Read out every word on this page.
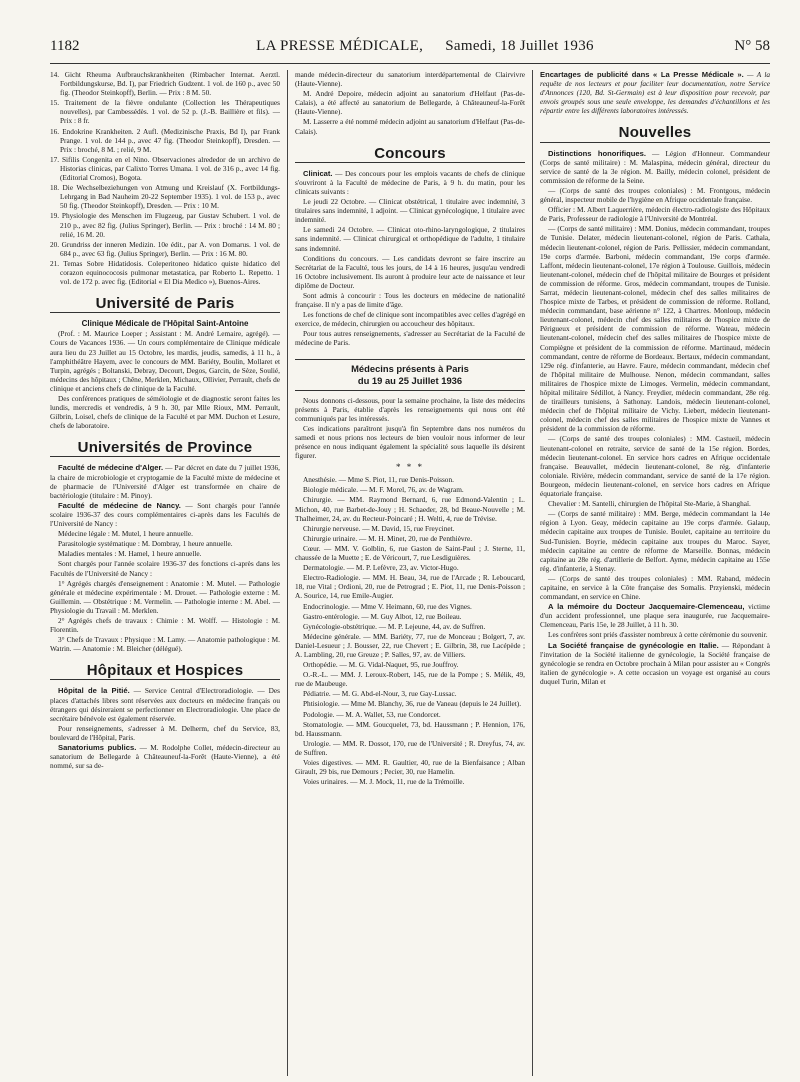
1182	LA PRESSE MÉDICALE, Samedi, 18 Juillet 1936	N° 58

14. Gicht Rheuma Aufbrauchskrankheiten (Rimbacher Internat. Aerztl. Fortbildungskurse, Bd. I), par Friedrich Gudzent. 1 vol. de 160 p., avec 50 fig. (Theodor Steinkopff), Berlin. — Prix : 8 M. 50.

15. Traitement de la fièvre ondulante (Collection les Thérapeutiques nouvelles), par Cambessédès. 1 vol. de 52 p. (J.-B. Baillière et fils). — Prix : 8 fr.

16. Endokrine Krankheiten. 2 Aufl. (Medizinische Praxis, Bd I), par Frank Prange. 1 vol. de 144 p., avec 47 fig. (Theodor Steinkopff), Dresden. — Prix : broché, 8 M. ; relié, 9 M.

17. Sifilis Congenita en el Nino. Observaciones alrededor de un archivo de Historias clinicas, par Calixto Torres Umana. 1 vol. de 316 p., avec 14 fig. (Editorial Cromos), Bogota.

18. Die Wechselbeziehungen von Atmung und Kreislauf (X. Fortbildungs-Lehrgang in Bad Nauheim 20-22 September 1935). 1 vol. de 153 p., avec 50 fig. (Theodor Steinkopff), Dresden. — Prix : 10 M.

19. Physiologie des Menschen im Flugzeug, par Gustav Schubert. 1 vol. de 210 p., avec 82 fig. (Julius Springer), Berlin. — Prix : broché : 14 M. 80 ; relié, 16 M. 20.

20. Grundriss der inneren Medizin. 10e édit., par A. von Domarus. 1 vol. de 684 p., avec 63 fig. (Julius Springer), Berlin. — Prix : 16 M. 80.

21. Temas Sobre Hidatidosis. Coleperitoneo hidatico quiste hidatico del corazon equinococosis pulmonar metastatica, par Roberto L. Repetto. 1 vol. de 172 p. avec fig. (Editorial « El Dia Medico »), Buenos-Aires.

Université de Paris

Clinique Médicale de l'Hôpital Saint-Antoine

(Prof. : M. Maurice Loeper ; Assistant : M. André Lemaire, agrégé). — Cours de Vacances 1936. — Un cours complémentaire de Clinique médicale aura lieu du 23 Juillet au 15 Octobre, les mardis, jeudis, samedis, à 11 h., à l'amphithéâtre Hayem, avec le concours de MM. Bariéty, Boulin, Mollaret et Turpin, agrégés ; Boltanski, Debray, Decourt, Degos, Garcin, de Sèze, Soulié, médecins des hôpitaux ; Chêne, Merklen, Michaux, Ollivier, Perrault, chefs de clinique et anciens chefs de clinique de la Faculté.

Des conférences pratiques de séméiologie et de diagnostic seront faites les lundis, mercredis et vendredis, à 9 h. 30, par Mlle Rioux, MM. Perrault, Gilbrin, Loisel, chefs de clinique de la Faculté et par MM. Duchon et Lesure, chefs de laboratoire.

Universités de Province

Faculté de médecine d'Alger. — Par décret en date du 7 juillet 1936, la chaire de microbiologie et cryptogamie de la Faculté mixte de médecine et de pharmacie de l'Université d'Alger est transformée en chaire de bactériologie (titulaire : M. Pinoy).

Faculté de médecine de Nancy. — Sont chargés pour l'année scolaire 1936-37 des cours complémentaires ci-après dans les Facultés de l'Université de Nancy :

Médecine légale : M. Mutel, 1 heure annuelle.

Parasitologie systématique : M. Dombray, 1 heure annuelle.

Maladies mentales : M. Hamel, 1 heure annuelle.

Sont chargés pour l'année scolaire 1936-37 des fonctions ci-après dans les Facultés de l'Université de Nancy :

1° Agrégés chargés d'enseignement : Anatomie : M. Mutel. — Pathologie générale et médecine expérimentale : M. Drouet. — Pathologie externe : M. Guillemin. — Obstétrique : M. Vermelin. — Pathologie interne : M. Abel. — Physiologie du Travail : M. Merklen.

2° Agrégés chefs de travaux : Chimie : M. Wolff. — Histologie : M. Florentin.

3° Chefs de Travaux : Physique : M. Lamy. — Anatomie pathologique : M. Watrin. — Anatomie : M. Bleicher (délégué).

Hôpitaux et Hospices

Hôpital de la Pitié. — Service Central d'Electroradiologie. — Des places d'attachés libres sont réservées aux docteurs en médecine français ou étrangers qui désireraient se perfectionner en Electroradiologie. Une place de secrétaire bénévole est également réservée.

Pour renseignements, s'adresser à M. Delherm, chef du Service, 83, boulevard de l'Hôpital, Paris.

Sanatoriums publics. — M. Rodolphe Collet, médecin-directeur au sanatorium de Bellegarde à Châteauneuf-la-Forêt (Haute-Vienne), a été nommé, sur sa de-

mande médecin-directeur du sanatorium interdépartemental de Clairvivre (Haute-Vienne).

M. André Depoire, médecin adjoint au sanatorium d'Helfaut (Pas-de-Calais), a été affecté au sanatorium de Bellegarde, à Châteauneuf-la-Forêt (Haute-Vienne).

M. Lasserre a été nommé médecin adjoint au sanatorium d'Helfaut (Pas-de-Calais).

Concours

Clinicat. — Des concours pour les emplois vacants de chefs de clinique s'ouvriront à la Faculté de médecine de Paris, à 9 h. du matin, pour les clinicats suivants :

Le jeudi 22 Octobre. — Clinicat obstétrical, 1 titulaire avec indemnité, 3 titulaires sans indemnité, 1 adjoint. — Clinicat gynécologique, 1 titulaire avec indemnité.

Le samedi 24 Octobre. — Clinicat oto-rhino-laryngologique, 2 titulaires sans indemnité. — Clinicat chirurgical et orthopédique de l'adulte, 1 titulaire sans indemnité.

Conditions du concours. — Les candidats devront se faire inscrire au Secrétariat de la Faculté, tous les jours, de 14 à 16 heures, jusqu'au vendredi 16 Octobre inclusivement. Ils auront à produire leur acte de naissance et leur diplôme de Docteur.

Sont admis à concourir : Tous les docteurs en médecine de nationalité française. Il n'y a pas de limite d'âge.

Les fonctions de chef de clinique sont incompatibles avec celles d'agrégé en exercice, de médecin, chirurgien ou accoucheur des hôpitaux.

Pour tous autres renseignements, s'adresser au Secrétariat de la Faculté de médecine de Paris.

Médecins présents à Paris
du 19 au 25 Juillet 1936

Nous donnons ci-dessous, pour la semaine prochaine, la liste des médecins présents à Paris, établie d'après les renseignements qui nous ont été communiqués par les intéressés.

Ces indications paraîtront jusqu'à fin Septembre dans nos numéros du samedi et nous prions nos lecteurs de bien vouloir nous informer de leur présence en nous indiquant également la spécialité sous laquelle ils désirent figurer.

* * *

Anesthésie. — Mme S. Piot, 11, rue Denis-Poisson.

Biologie médicale. — M. F. Morel, 76, av. de Wagram.

Chirurgie. — MM. Raymond Bernard, 6, rue Edmond-Valentin ; L. Michon, 40, rue Barbet-de-Jouy ; H. Schaeder, 28, bd Beaue-Nouvelle ; M. Thalheimer, 24, av. du Recteur-Poincaré ; H. Welti, 4, rue de Trévise.

Chirurgie nerveuse. — M. David, 15, rue Freycinet.

Chirurgie urinaire. — M. H. Minet, 20, rue de Penthièvre.

Cœur. — MM. V. Golblin, 6, rue Gaston de Saint-Paul ; J. Sterne, 11, chaussée de la Muette ; E. de Véricourt, 7, rue Lesdiguières.

Dermatologie. — M. P. Lefèvre, 23, av. Victor-Hugo.

Electro-Radiologie. — MM. H. Beau, 34, rue de l'Arcade ; R. Leboucard, 18, rue Vital ; Ordioni, 20, rue de Petrograd ; E. Piot, 11, rue Denis-Poisson ; A. Sourice, 14, rue Emile-Augier.

Endocrinologie. — Mme V. Heimann, 60, rue des Vignes.

Gastro-entérologie. — M. Guy Albot, 12, rue Boileau.

Gynécologie-obstétrique. — M. P. Lejeune, 44, av. de Suffren.

Médecine générale. — MM. Bariéty, 77, rue de Monceau ; Bolgert, 7, av. Daniel-Lesueur ; J. Bousser, 22, rue Chevert ; E. Gilbrin, 38, rue Lacépède ; A. Lambling, 20, rue Greuze ; P. Salles, 97, av. de Villiers.

Orthopédie. — M. G. Vidal-Naquet, 95, rue Jouffroy.

O.-R.-L. — MM. J. Leroux-Robert, 145, rue de la Pompe ; S. Mélik, 49, rue de Maubeuge.

Pédiatrie. — M. G. Abd-el-Nour, 3, rue Gay-Lussac.

Phtisiologie. — Mme M. Blanchy, 36, rue de Vaneau (depuis le 24 Juillet).

Podologie. — M. A. Wallet, 53, rue Condorcet.

Stomatologie. — MM. Goucquelet, 73, bd. Haussmann ; P. Hennion, 176, bd. Haussmann.

Urologie. — MM. R. Dossot, 170, rue de l'Université ; R. Dreyfus, 74, av. de Suffren.

Voies digestives. — MM. R. Gaultier, 40, rue de la Bienfaisance ; Alban Girault, 29 bis, rue Demours ; Pecier, 30, rue Hamelin.

Voies urinaires. — M. J. Mock, 11, rue de la Trémoille.

Encartages de publicité dans « La Presse Médicale ». — A la requête de nos lecteurs et pour faciliter leur documentation, notre Service d'Annonces (120, Bd. St-Germain) est à leur disposition pour recevoir, par envois groupés sous une seule enveloppe, les demandes d'échantillons et les répartir entre les différents laboratoires intéressés.

Nouvelles

Distinctions honorifiques. — Légion d'Honneur. Commandeur (Corps de santé militaire) : M. Malaspina, médecin général, directeur du service de santé de la 3e région. M. Bailly, médecin colonel, président de commission de réforme de la Seine.

— (Corps de santé des troupes coloniales) : M. Frontgous, médecin général, inspecteur mobile de l'hygiène en Afrique occidentale française.

Officier : M. Albert Laquerrière, médecin électro-radiologiste des Hôpitaux de Paris, Professeur de radiologie à l'Université de Montréal.

— (Corps de santé militaire) : MM. Donius, médecin commandant, troupes de Tunisie. Delater, médecin lieutenant-colonel, région de Paris. Cathala, médecin lieutenant-colonel, région de Paris. Pellissier, médecin commandant, 19e corps d'armée. Barboni, médecin commandant, 19e corps d'armée. Laffont, médecin lieutenant-colonel, 17e région à Toulouse. Guillois, médecin lieutenant-colonel, médecin chef de l'hôpital militaire de Bourges et président de commission de réforme. Gros, médecin commandant, troupes de Tunisie. Sarrat, médecin lieutenant-colonel, médecin chef des salles militaires de l'hospice mixte de Tarbes, et président de commission de réforme. Rolland, médecin commandant, base aérienne n° 122, à Chartres. Monloup, médecin lieutenant-colonel, médecin chef des salles militaires de l'hospice mixte de Périgueux et président de commission de réforme. Wateau, médecin lieutenant-colonel, médecin chef des salles militaires de l'hospice mixte de Compiègne et président de la commission de réforme. Martinaud, médecin commandant, centre de réforme de Bordeaux. Bertaux, médecin commandant, 129e rég. d'infanterie, au Havre. Faure, médecin commandant, médecin chef de l'hôpital militaire de Mulhouse. Nenon, médecin commandant, salles militaires de l'hospice mixte de Limoges. Vermelin, médecin commandant, hôpital militaire Sédillot, à Nancy. Freydier, médecin commandant, 28e rég. de tirailleurs tunisiens, à Sathonay. Landois, médecin lieutenant-colonel, médecin chef de l'hôpital militaire de Vichy. Liebert, médecin lieutenant-colonel, médecin chef des salles militaires de l'hospice mixte de Vannes et président de la commission de réforme.

— (Corps de santé des troupes coloniales) : MM. Castueil, médecin lieutenant-colonel en retraite, service de santé de la 15e région. Bordes, médecin lieutenant-colonel. En service hors cadres en Afrique occidentale française. Beauvallet, médecin lieutenant-colonel, 8e rég. d'infanterie coloniale. Rivière, médecin commandant, service de santé de la 17e région. Bourgeon, médecin lieutenant-colonel, en service hors cadres en Afrique équatoriale française.

Chevalier : M. Santelli, chirurgien de l'hôpital Ste-Marie, à Shanghaï.

— (Corps de santé militaire) : MM. Berge, médecin commandant la 14e région à Lyon. Geay, médecin capitaine au 19e corps d'armée. Galaup, médecin capitaine aux troupes de Tunisie. Boulet, capitaine au territoire du Sud-Tunisien. Boyrie, médecin capitaine aux troupes du Maroc. Sayer, médecin capitaine au centre de réforme de Marseille. Bonnas, médecin capitaine au 28e rég. d'artillerie de Belfort. Ayme, médecin capitaine au 155e rég. d'infanterie, à Stenay.

— (Corps de santé des troupes coloniales) : MM. Raband, médecin capitaine, en service à la Côte française des Somalis. Przyienski, médecin commandant, en service en Chine.

A la mémoire du Docteur Jacquemaire-Clemenceau, victime d'un accident professionnel, une plaque sera inaugurée, rue Jacquemaire-Clemenceau, Paris 15e, le 28 Juillet, à 11 h. 30.

Les confrères sont priés d'assister nombreux à cette cérémonie du souvenir.

La Société française de gynécologie en Italie. — Répondant à l'invitation de la Société italienne de gynécologie, la Société française de gynécologie se rendra en Octobre prochain à Milan pour assister au « Congrès italien de gynécologie ». A cette occasion un voyage est organisé au cours duquel Turin, Milan et
